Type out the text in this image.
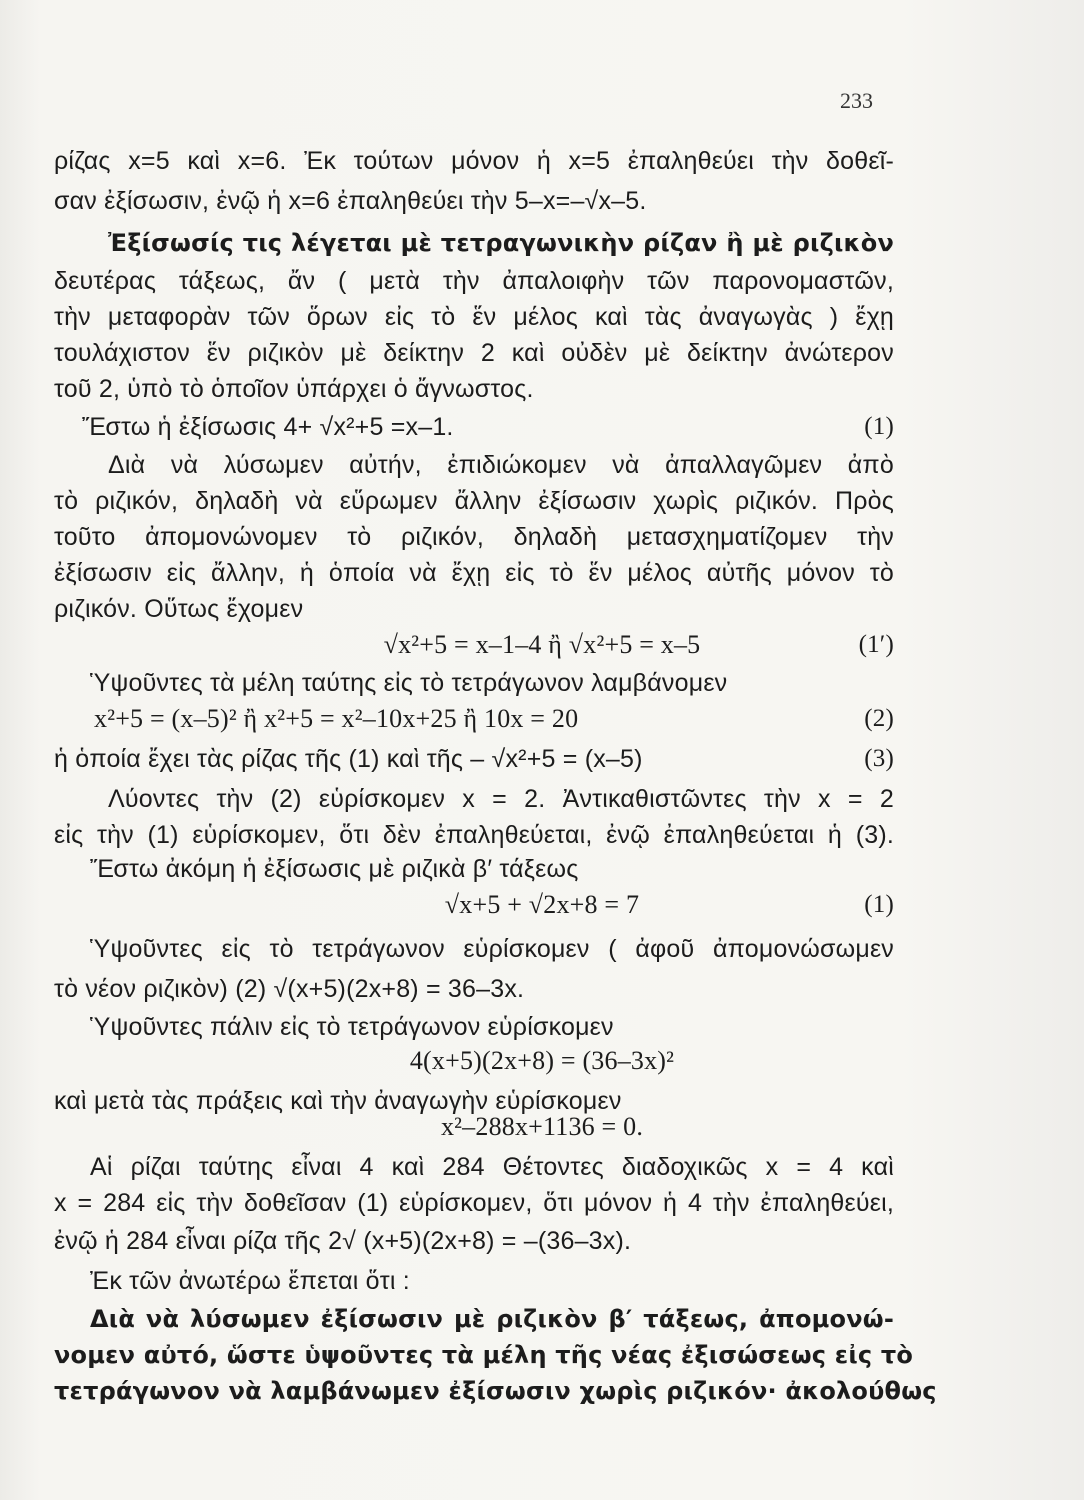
233
ρίζας x=5 καὶ x=6. Ἐκ τούτων μόνον ἡ x=5 ἐπαληθεύει τὴν δοθεῖ-
σαν ἐξίσωσιν, ἐνῷ ἡ x=6 ἐπαληθεύει τὴν 5–x=–√x–5.
Ἐξίσωσίς τις λέγεται μὲ τετραγωνικὴν ρίζαν ἢ μὲ ριζικὸν
δευτέρας τάξεως, ἄν ( μετὰ τὴν ἀπαλοιφὴν τῶν παρονομαστῶν,
τὴν μεταφορὰν τῶν ὅρων εἰς τὸ ἕν μέλος καὶ τὰς ἀναγωγὰς ) ἔχῃ
τουλάχιστον ἕν ριζικὸν μὲ δείκτην 2 καὶ οὐδὲν μὲ δείκτην ἀνώτερον
τοῦ 2, ὑπὸ τὸ ὁποῖον ὑπάρχει ὁ ἄγνωστος.
Ἔστω ἡ ἐξίσωσις 4+ √x²+5 =x–1.	(1)
Διὰ νὰ λύσωμεν αὐτήν, ἐπιδιώκομεν νὰ ἀπαλλαγῶμεν ἀπὸ
τὸ ριζικόν, δηλαδὴ νὰ εὕρωμεν ἄλλην ἐξίσωσιν χωρὶς ριζικόν. Πρὸς
τοῦτο ἀπομονώνομεν τὸ ριζικόν, δηλαδὴ μετασχηματίζομεν τὴν
ἐξίσωσιν εἰς ἄλλην, ἡ ὁποία νὰ ἔχῃ εἰς τὸ ἕν μέλος αὐτῆς μόνον τὸ
ριζικόν. Οὕτως ἔχομεν
√x²+5 = x–1–4 ἢ √x²+5 = x–5	(1′)
Ὑψοῦντες τὰ μέλη ταύτης εἰς τὸ τετράγωνον λαμβάνομεν
x²+5 = (x–5)² ἢ x²+5 = x²–10x+25 ἢ 10x = 20	(2)
ἡ ὁποία ἔχει τὰς ρίζας τῆς (1) καὶ τῆς – √x²+5 = (x–5)	(3)
Λύοντες τὴν (2) εὑρίσκομεν x = 2. Ἀντικαθιστῶντες τὴν x = 2
εἰς τὴν (1) εὑρίσκομεν, ὅτι δὲν ἐπαληθεύεται, ἐνῷ ἐπαληθεύεται ἡ (3).
Ἔστω ἀκόμη ἡ ἐξίσωσις μὲ ριζικὰ β′ τάξεως
√x+5 + √2x+8 = 7	(1)
Ὑψοῦντες εἰς τὸ τετράγωνον εὑρίσκομεν ( ἀφοῦ ἀπομονώσωμεν
τὸ νέον ριζικὸν) (2) √(x+5)(2x+8) = 36–3x.
Ὑψοῦντες πάλιν εἰς τὸ τετράγωνον εὑρίσκομεν
4(x+5)(2x+8) = (36–3x)²
καὶ μετὰ τὰς πράξεις καὶ τὴν ἀναγωγὴν εὑρίσκομεν
x²–288x+1136 = 0.
Αἱ ρίζαι ταύτης εἶναι 4 καὶ 284 Θέτοντες διαδοχικῶς x = 4 καὶ
x = 284 εἰς τὴν δοθεῖσαν (1) εὑρίσκομεν, ὅτι μόνον ἡ 4 τὴν ἐπαληθεύει,
ἐνῷ ἡ 284 εἶναι ρίζα τῆς 2√ (x+5)(2x+8) = –(36–3x).
Ἐκ τῶν ἀνωτέρω ἕπεται ὅτι :
Διὰ νὰ λύσωμεν ἐξίσωσιν μὲ ριζικὸν β′ τάξεως, ἀπομονώ-
νομεν αὐτό, ὥστε ὑψοῦντες τὰ μέλη τῆς νέας ἐξισώσεως εἰς τὸ
τετράγωνον νὰ λαμβάνωμεν ἐξίσωσιν χωρὶς ριζικόν· ἀκολούθως
